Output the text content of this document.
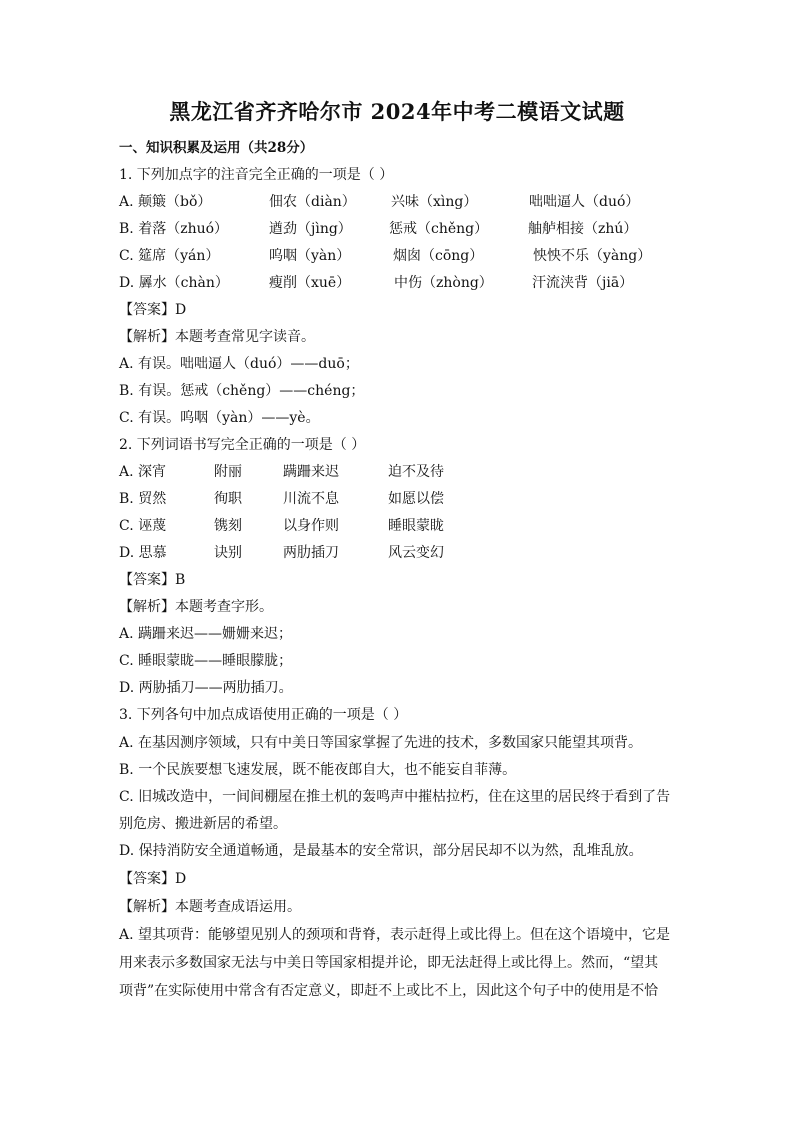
黑龙江省齐齐哈尔市 2024年中考二模语文试题
一、知识积累及运用（共28分）
1. 下列加点字的注音完全正确的一项是（ ）
A. 颠簸（bǒ）	佃农（diàn）	兴味（xìng）	咄咄逼人（duó）
B. 着落（zhuó）	遒劲（jìng）	惩戒（chěng）	舳舻相接（zhú）
C. 筵席（yán）	呜咽（yàn）	烟囱（cōng）	怏怏不乐（yàng）
D. 羼水（chàn）	瘦削（xuē）	中伤（zhòng）	汗流浃背（jiā）
【答案】D
【解析】本题考查常见字读音。
A. 有误。咄咄逼人（duó）——duō；
B. 有误。惩戒（chěng）——chéng；
C. 有误。呜咽（yàn）——yè。
2. 下列词语书写完全正确的一项是（ ）
A. 深宵	附丽	蹒跚来迟	迫不及待
B. 贸然	徇职	川流不息	如愿以偿
C. 诬蔑	镌刻	以身作则	睡眼蒙眬
D. 思慕	诀别	两肋插刀	风云变幻
【答案】B
【解析】本题考查字形。
A. 蹒跚来迟——姗姗来迟；
C. 睡眼蒙眬——睡眼朦胧；
D. 两胁插刀——两肋插刀。
3. 下列各句中加点成语使用正确的一项是（ ）
A. 在基因测序领域，只有中美日等国家掌握了先进的技术，多数国家只能望其项背。
B. 一个民族要想飞速发展，既不能夜郎自大，也不能妄自菲薄。
C. 旧城改造中，一间间棚屋在推土机的轰鸣声中摧枯拉朽，住在这里的居民终于看到了告
别危房、搬进新居的希望。
D. 保持消防安全通道畅通，是最基本的安全常识，部分居民却不以为然，乱堆乱放。
【答案】D
【解析】本题考查成语运用。
A. 望其项背：能够望见别人的颈项和背脊，表示赶得上或比得上。但在这个语境中，它是
用来表示多数国家无法与中美日等国家相提并论，即无法赶得上或比得上。然而，“望其
项背”在实际使用中常含有否定意义，即赶不上或比不上，因此这个句子中的使用是不恰
